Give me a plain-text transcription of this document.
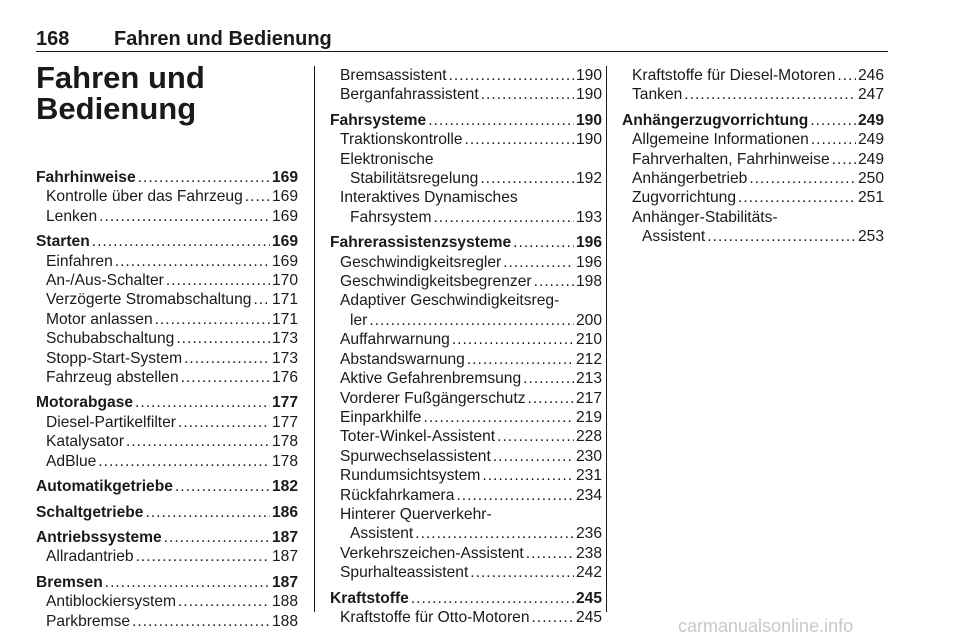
168 Fahren und Bedienung
Fahren und
Bedienung
Fahrhinweise .....	169
Kontrolle über das Fahrzeug ..... 169
Lenken .....	169
Starten .....	169
Einfahren .....	169
An-/Aus-Schalter .....	170
Verzögerte Stromabschaltung ..... 171
Motor anlassen .....	171
Schubabschaltung .....	173
Stopp-Start-System .....	173
Fahrzeug abstellen .....	176
Motorabgase .....	177
Diesel-Partikelfilter .....	177
Katalysator .....	178
AdBlue .....	178
Automatikgetriebe .....	182
Schaltgetriebe .....	186
Antriebssysteme .....	187
Allradantrieb .....	187
Bremsen .....	187
Antiblockiersystem .....	188
Parkbremse .....	188
Bremsassistent .....	190
Berganfahrassistent .....	190
Fahrsysteme .....	190
Traktionskontrolle .....	190
Elektronische
Stabilitätsregelung .....	192
Interaktives Dynamisches
Fahrsystem .....	193
Fahrerassistenzsysteme .....	196
Geschwindigkeitsregler .....	196
Geschwindigkeitsbegrenzer .....	198
Adaptiver Geschwindigkeitsreg-
ler .....	200
Auffahrwarnung .....	210
Abstandswarnung .....	212
Aktive Gefahrenbremsung .....	213
Vorderer Fußgängerschutz .....	217
Einparkhilfe .....	219
Toter-Winkel-Assistent .....	228
Spurwechselassistent .....	230
Rundumsichtsystem .....	231
Rückfahrkamera .....	234
Hinterer Querverkehr-
Assistent .....	236
Verkehrszeichen-Assistent .....	238
Spurhalteassistent .....	242
Kraftstoffe .....	245
Kraftstoffe für Otto-Motoren .....	245
Kraftstoffe für Diesel-Motoren ..... 246
Tanken .....	247
Anhängerzugvorrichtung .....	249
Allgemeine Informationen .....	249
Fahrverhalten, Fahrhinweise ..... 249
Anhängerbetrieb .....	250
Zugvorrichtung .....	251
Anhänger-Stabilitäts-
Assistent .....	253
carmanualsonline.info
